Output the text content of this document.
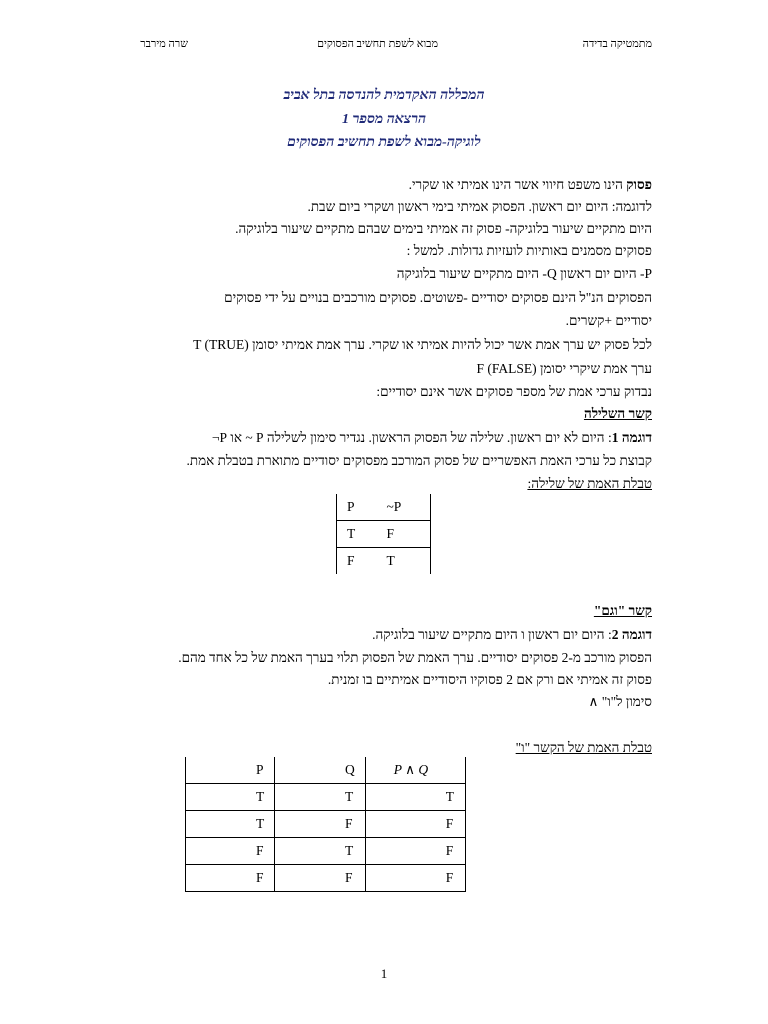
מתמטיקה בדידה
מבוא לשפת תחשיב הפסוקים
שרה מירבר
המכללה האקדמית להנדסה בתל אביב
הרצאה מספר 1
לוגיקה-מבוא לשפת תחשיב הפסוקים
פסוק הינו משפט חיווי אשר הינו אמיתי או שקרי.
לדוגמה: היום יום ראשון. הפסוק אמיתי בימי ראשון ושקרי ביום שבת.
היום מתקיים שיעור בלוגיקה- פסוק זה אמיתי בימים שבהם מתקיים שיעור בלוגיקה.
פסוקים מסמנים באותיות לועזיות גדולות. למשל :
P- היום יום ראשון Q- היום מתקיים שיעור בלוגיקה
הפסוקים הנ"ל הינם פסוקים יסודיים -פשוטים. פסוקים מורכבים בנויים על ידי פסוקים
יסודיים +קשרים.
לכל פסוק יש ערך אמת אשר יכול להיות אמיתי או שקרי. ערך אמת אמיתי יסומן T (TRUE)
ערך אמת שיקרי יסומן F (FALSE)
נבדוק ערכי אמת של מספר פסוקים אשר אינם יסודיים:
קשר השלילה
דוגמה 1: היום לא יום ראשון. שלילה של הפסוק הראשון. נגדיר סימון לשלילה P ~ או P¬
קבוצת כל ערכי האמת האפשריים של פסוק המורכב מפסוקים יסודיים מתוארת בטבלת אמת.
טבלת האמת של שלילה:
P	~P
T	F
F	T
קשר "וגם"
דוגמה 2: היום יום ראשון ו היום מתקיים שיעור בלוגיקה.
הפסוק מורכב מ-2 פסוקים יסודיים. ערך האמת של הפסוק תלוי בערך האמת של כל אחד מהם.
פסוק זה אמיתי אם ורק אם 2 פסוקיו היסודיים אמיתיים בו זמנית.
סימון ל"ו" ∧
טבלת האמת של הקשר "ו"
P	Q	P ∧ Q
T	T	T
T	F	F
F	T	F
F	F	F
1
